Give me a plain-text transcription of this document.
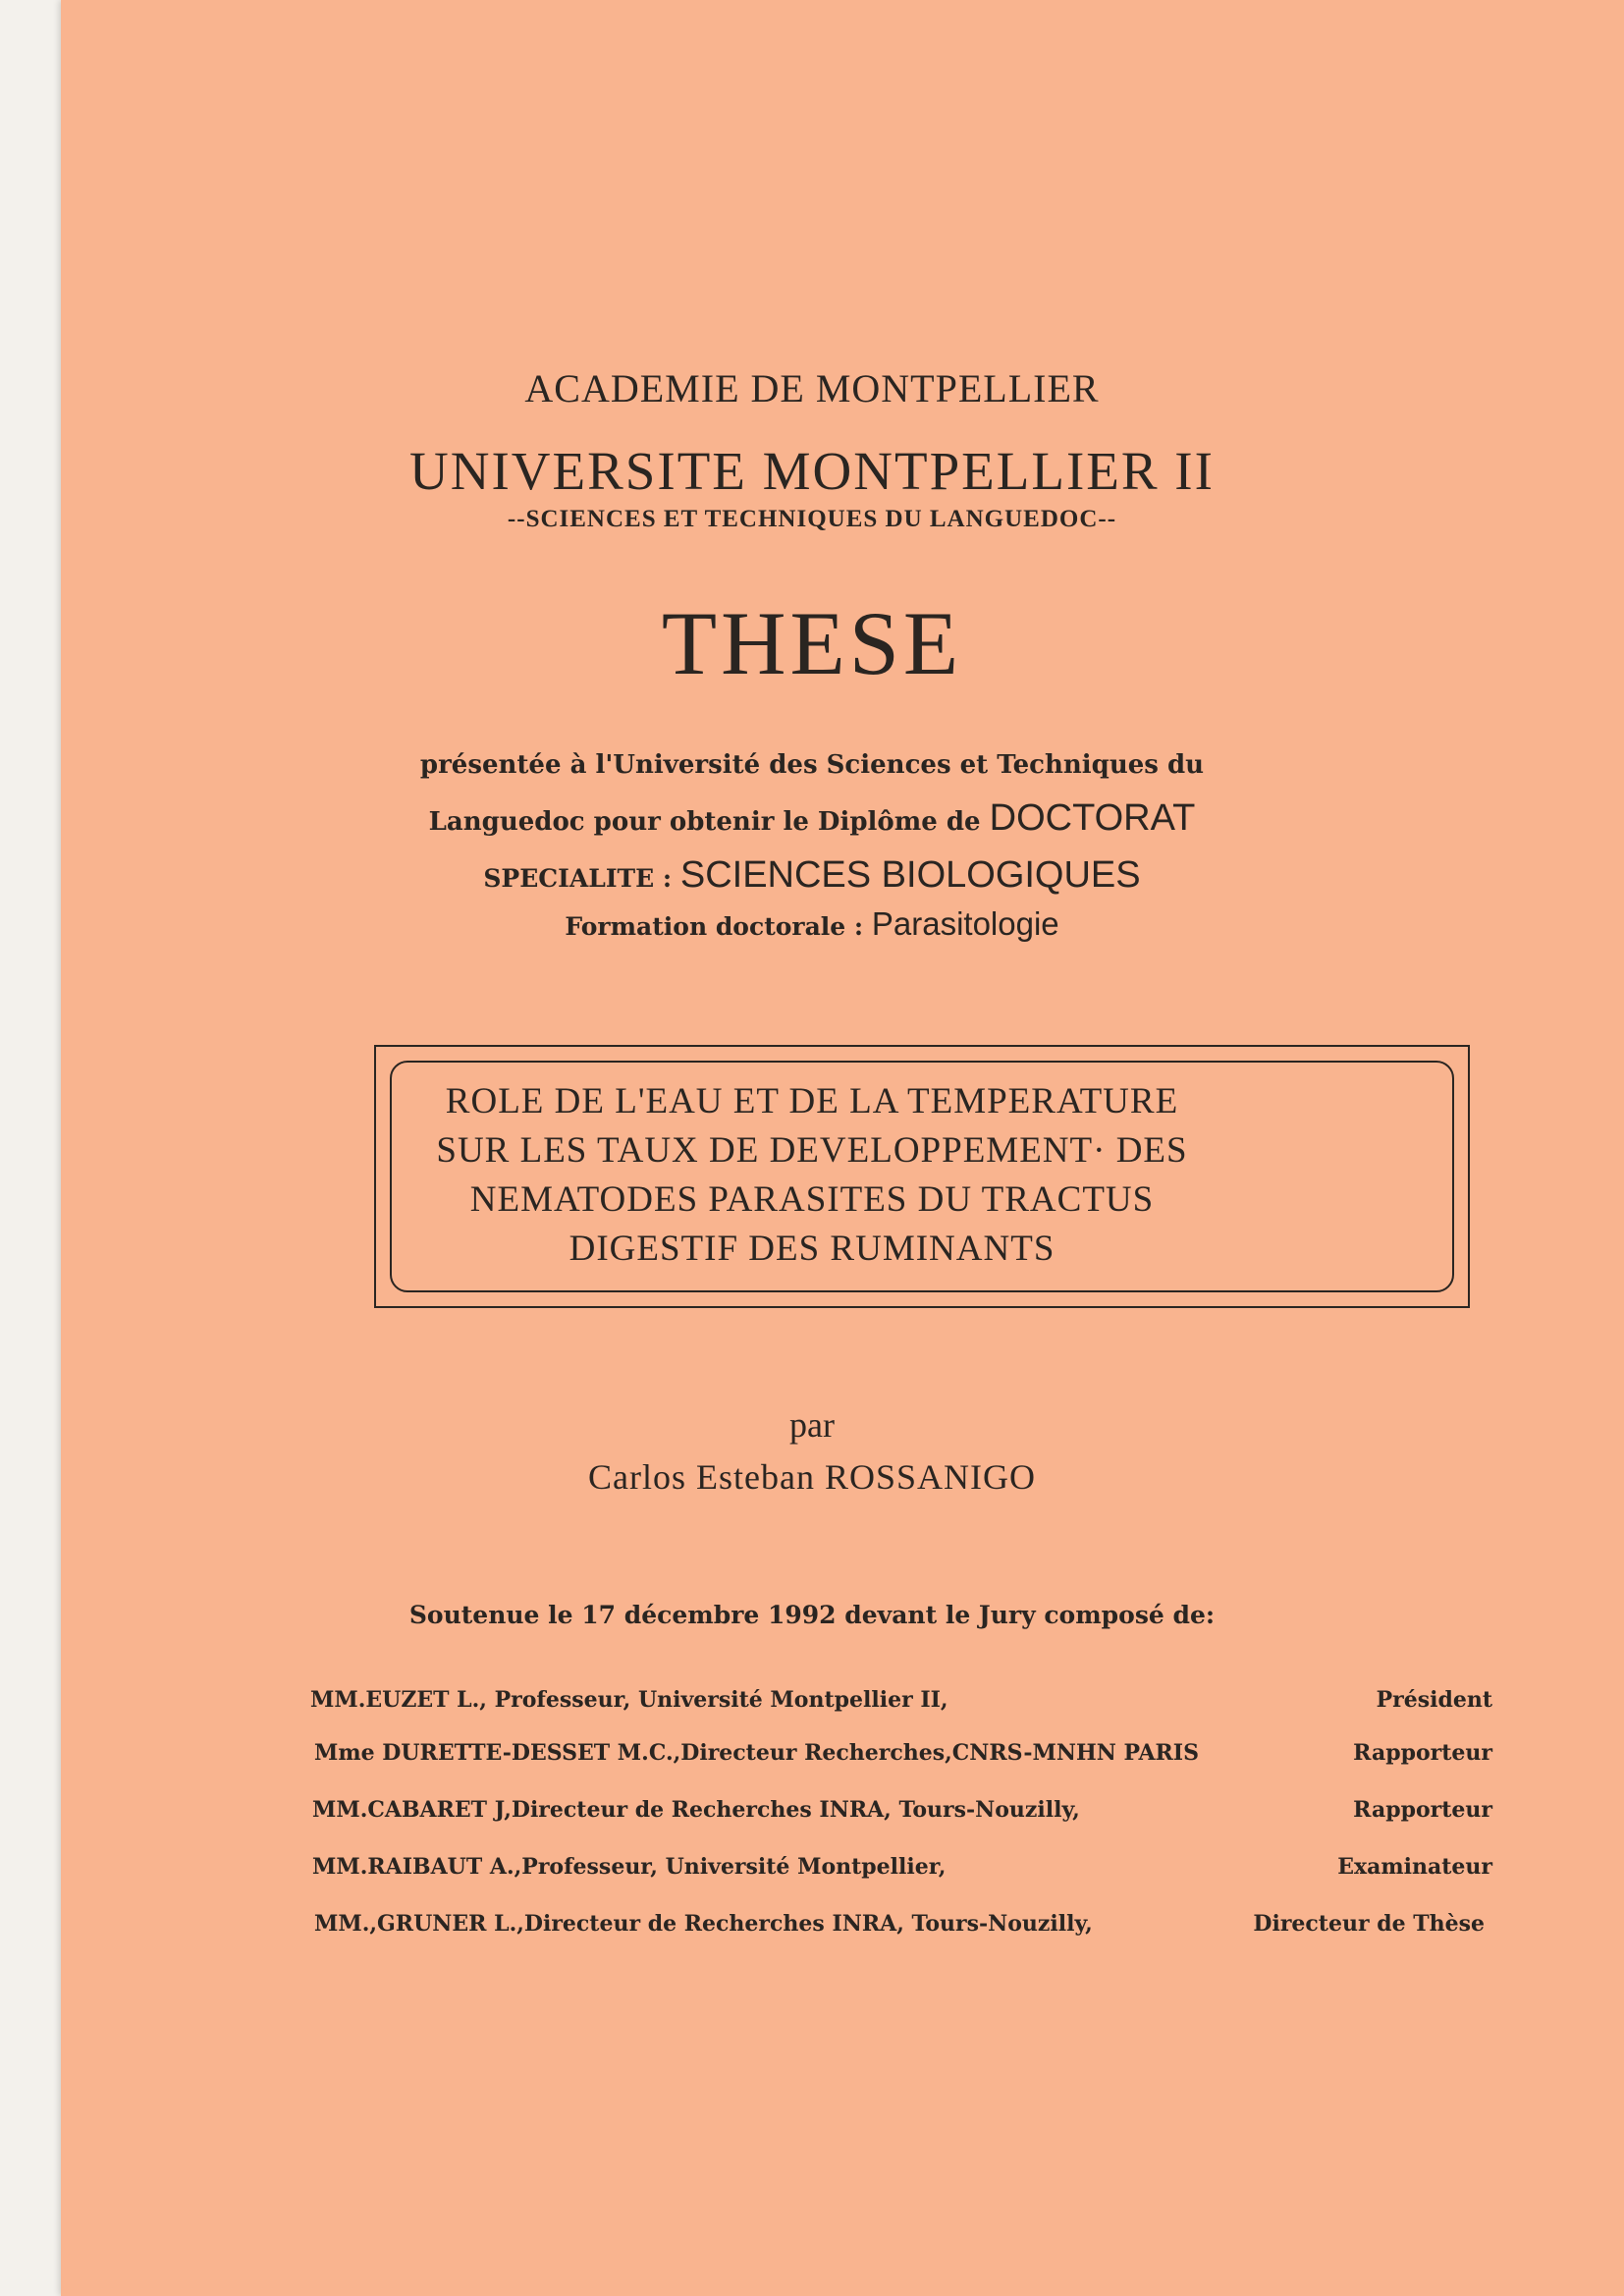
ACADEMIE DE MONTPELLIER
UNIVERSITE MONTPELLIER II
--SCIENCES ET TECHNIQUES DU LANGUEDOC--
THESE
présentée à l'Université des Sciences et Techniques du
Languedoc pour obtenir le Diplôme de DOCTORAT
SPECIALITE : SCIENCES BIOLOGIQUES
Formation doctorale : Parasitologie
ROLE DE L'EAU ET DE LA TEMPERATURE
SUR LES TAUX DE DEVELOPPEMENT· DES
NEMATODES PARASITES DU TRACTUS
DIGESTIF DES RUMINANTS
par
Carlos Esteban ROSSANIGO
Soutenue le 17 décembre 1992 devant le Jury composé de:
MM.EUZET L., Professeur, Université Montpellier II,	Président
Mme DURETTE-DESSET M.C.,Directeur Recherches,CNRS-MNHN PARIS	Rapporteur
MM.CABARET J,Directeur de Recherches INRA, Tours-Nouzilly,	Rapporteur
MM.RAIBAUT A.,Professeur, Université Montpellier,	Examinateur
MM.,GRUNER L.,Directeur de Recherches INRA, Tours-Nouzilly,	Directeur de Thèse
